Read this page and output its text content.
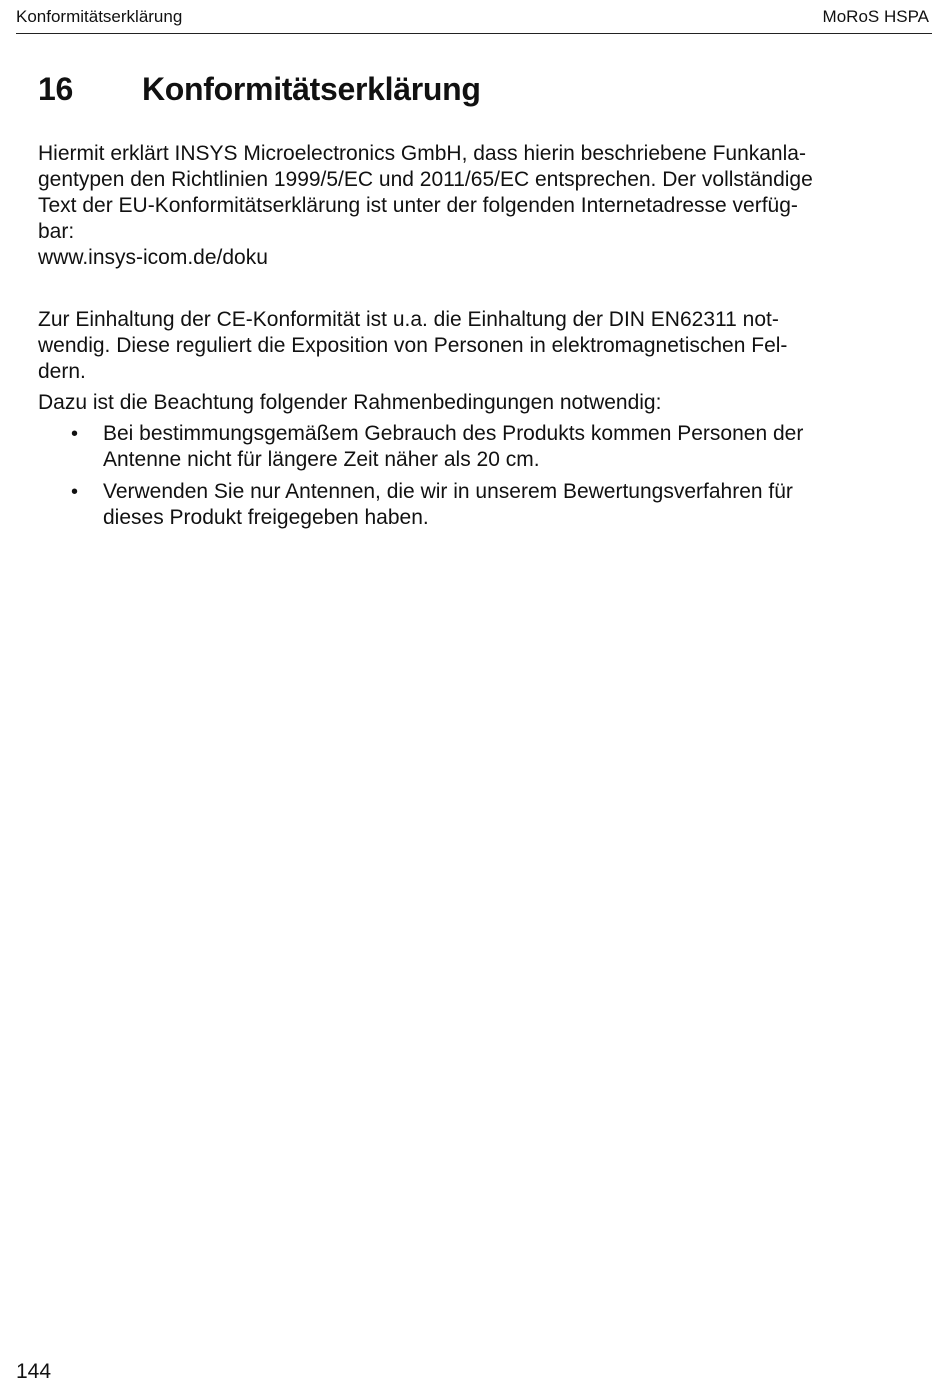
Konformitätserklärung	MoRoS HSPA
16 Konformitätserklärung

Hiermit erklärt INSYS Microelectronics GmbH, dass hierin beschriebene Funkanla-

gentypen den Richtlinien 1999/5/EC und 2011/65/EC entsprechen. Der vollständige

Text der EU-Konformitätserklärung ist unter der folgenden Internetadresse verfüg-

bar:

www.insys-icom.de/doku

Zur Einhaltung der CE-Konformität ist u.a. die Einhaltung der DIN EN62311 not-

wendig. Diese reguliert die Exposition von Personen in elektromagnetischen Fel-

dern.

Dazu ist die Beachtung folgender Rahmenbedingungen notwendig:

• Bei bestimmungsgemäßem Gebrauch des Produkts kommen Personen der
Antenne nicht für längere Zeit näher als 20 cm.
• Verwenden Sie nur Antennen, die wir in unserem Bewertungsverfahren für
dieses Produkt freigegeben haben.
144
